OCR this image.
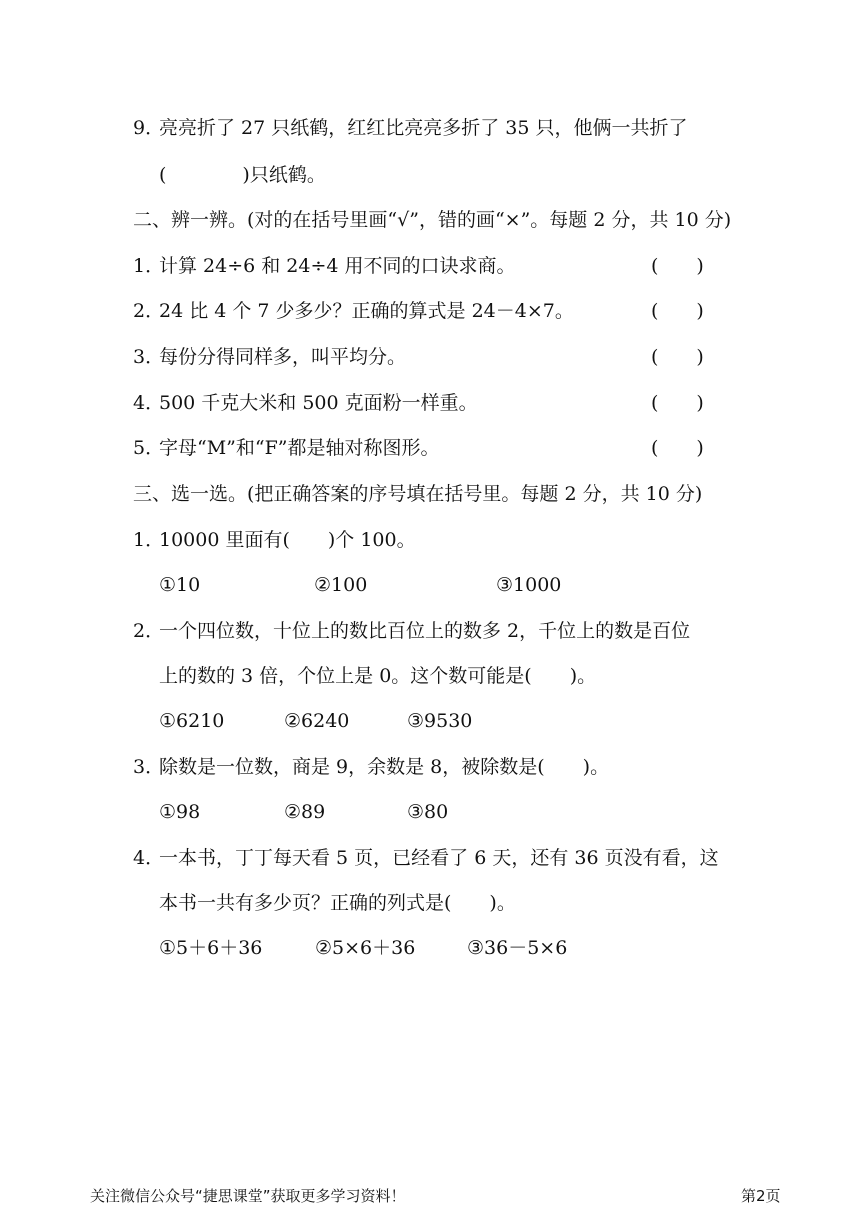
9．亮亮折了 27 只纸鹤，红红比亮亮多折了 35 只，他俩一共折了
(　　　　)只纸鹤。
二、辨一辨。(对的在括号里画“√”，错的画“×”。每题 2 分，共 10 分)
1．计算 24÷6 和 24÷4 用不同的口诀求商。	(　　)
2．24 比 4 个 7 少多少？正确的算式是 24－4×7。	(　　)
3．每份分得同样多，叫平均分。	(　　)
4．500 千克大米和 500 克面粉一样重。	(　　)
5．字母“M”和“F”都是轴对称图形。	(　　)
三、选一选。(把正确答案的序号填在括号里。每题 2 分，共 10 分)
1．10000 里面有(　　)个 100。
①10	②100	③1000
2．一个四位数，十位上的数比百位上的数多 2，千位上的数是百位
上的数的 3 倍，个位上是 0。这个数可能是(　　)。
①6210	②6240	③9530
3．除数是一位数，商是 9，余数是 8，被除数是(　　)。
①98	②89	③80
4．一本书，丁丁每天看 5 页，已经看了 6 天，还有 36 页没有看，这
本书一共有多少页？正确的列式是(　　)。
①5＋6＋36	②5×6＋36	③36－5×6
关注微信公众号“捷思课堂”获取更多学习资料！	第2页
